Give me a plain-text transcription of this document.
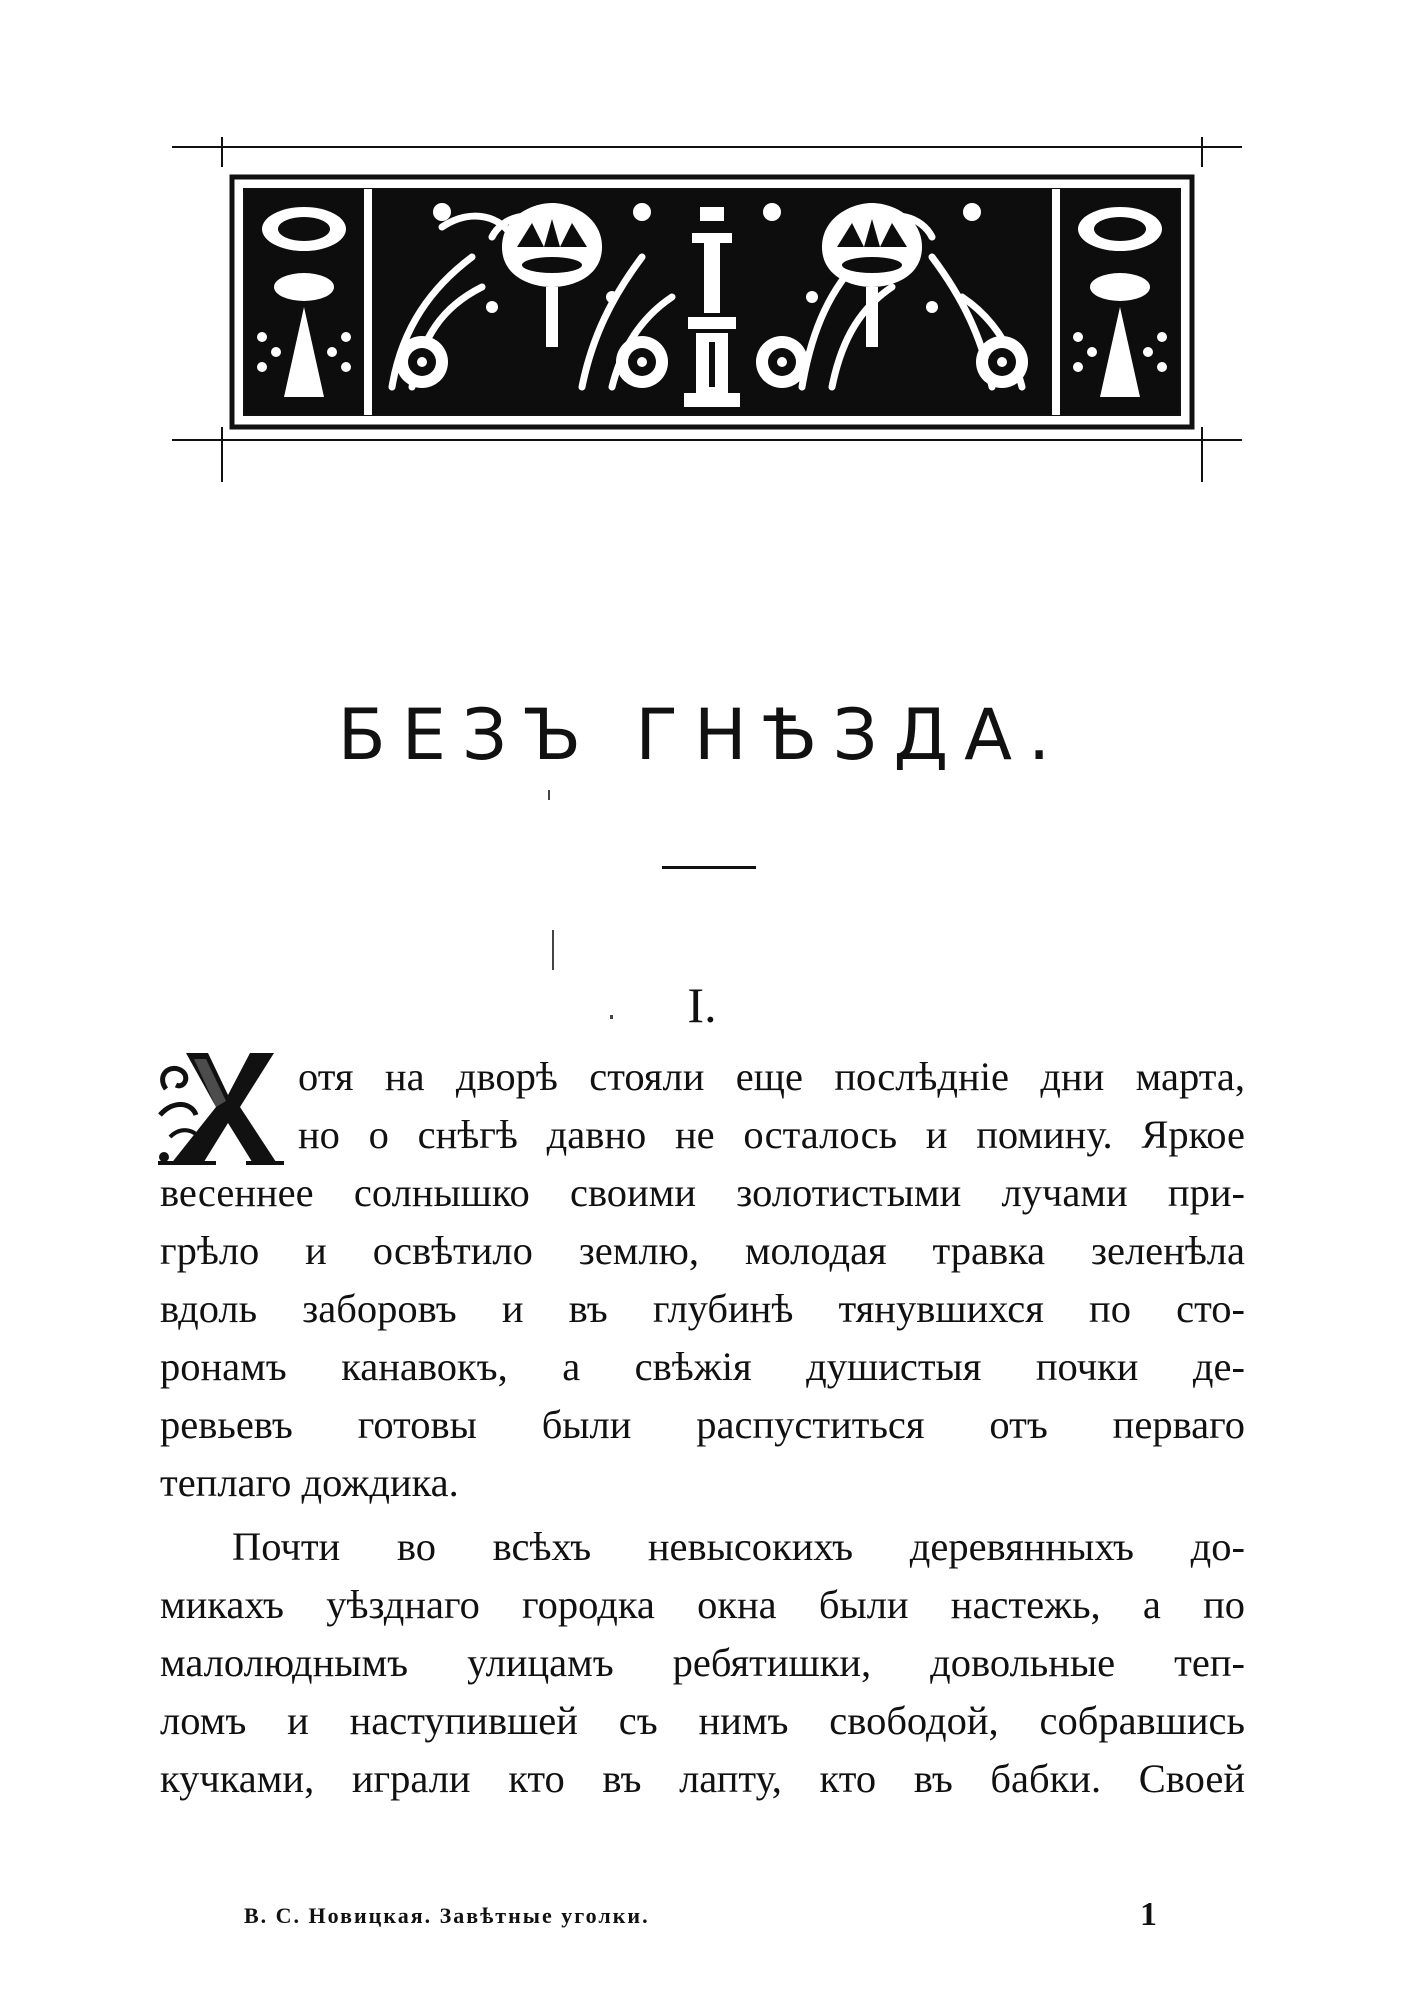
БЕЗЪ ГНѢЗДА.
I.
отя на дворѣ стояли еще послѣдніе дни марта,
но о снѣгѣ давно не осталось и помину. Яркое
весеннее солнышко своими золотистыми лучами при-
грѣло и освѣтило землю, молодая травка зеленѣла
вдоль заборовъ и въ глубинѣ тянувшихся по сто-
ронамъ канавокъ, а свѣжія душистыя почки де-
ревьевъ готовы были распуститься отъ перваго
теплаго дождика.
Почти во всѣхъ невысокихъ деревянныхъ до-
микахъ уѣзднаго городка окна были настежь, а по
малолюднымъ улицамъ ребятишки, довольные теп-
ломъ и наступившей съ нимъ свободой, собравшись
кучками, играли кто въ лапту, кто въ бабки. Своей
В. С. Новицкая. Завѣтные уголки.	1
